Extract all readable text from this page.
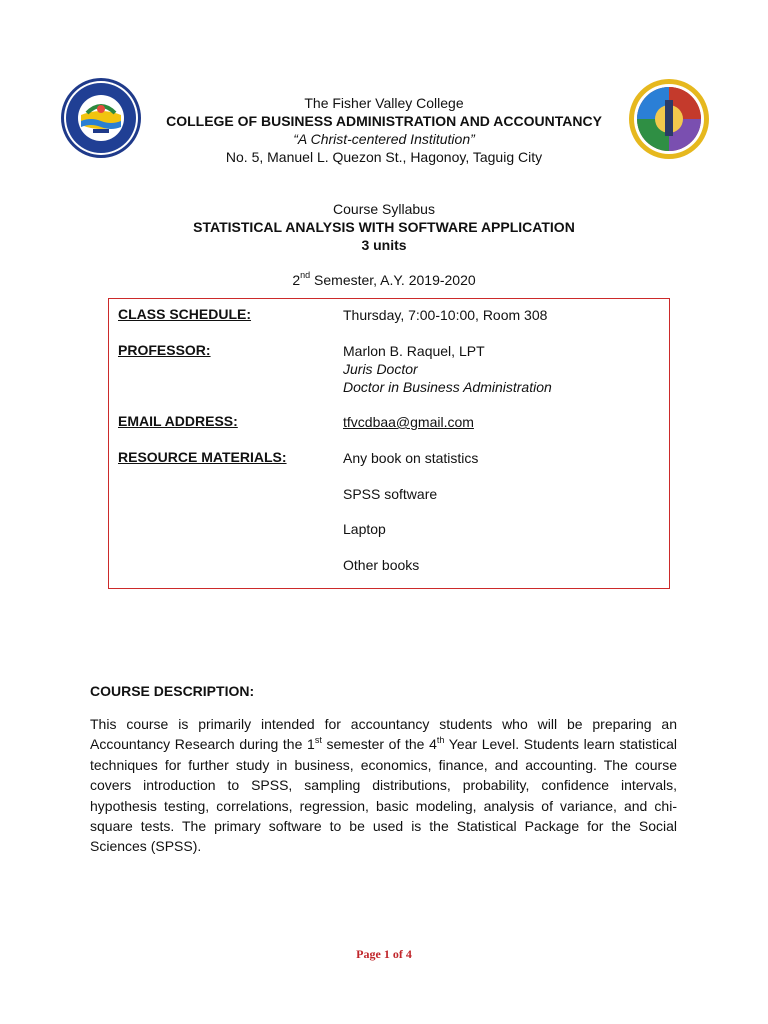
The Fisher Valley College
COLLEGE OF BUSINESS ADMINISTRATION AND ACCOUNTANCY
“A Christ-centered Institution”
No. 5, Manuel L. Quezon St., Hagonoy, Taguig City
Course Syllabus
STATISTICAL ANALYSIS WITH SOFTWARE APPLICATION
3 units
2nd Semester, A.Y. 2019-2020
CLASS SCHEDULE:	Thursday, 7:00-10:00, Room 308
PROFESSOR:	Marlon B. Raquel, LPT
Juris Doctor
Doctor in Business Administration
EMAIL ADDRESS:	tfvcdbaa@gmail.com
RESOURCE MATERIALS:	Any book on statistics
SPSS software
Laptop
Other books
COURSE DESCRIPTION:
This course is primarily intended for accountancy students who will be preparing an Accountancy Research during the 1st semester of the 4th Year Level. Students learn statistical techniques for further study in business, economics, finance, and accounting. The course covers introduction to SPSS, sampling distributions, probability, confidence intervals, hypothesis testing, correlations, regression, basic modeling, analysis of variance, and chi-square tests. The primary software to be used is the Statistical Package for the Social Sciences (SPSS).
Page 1 of 4
